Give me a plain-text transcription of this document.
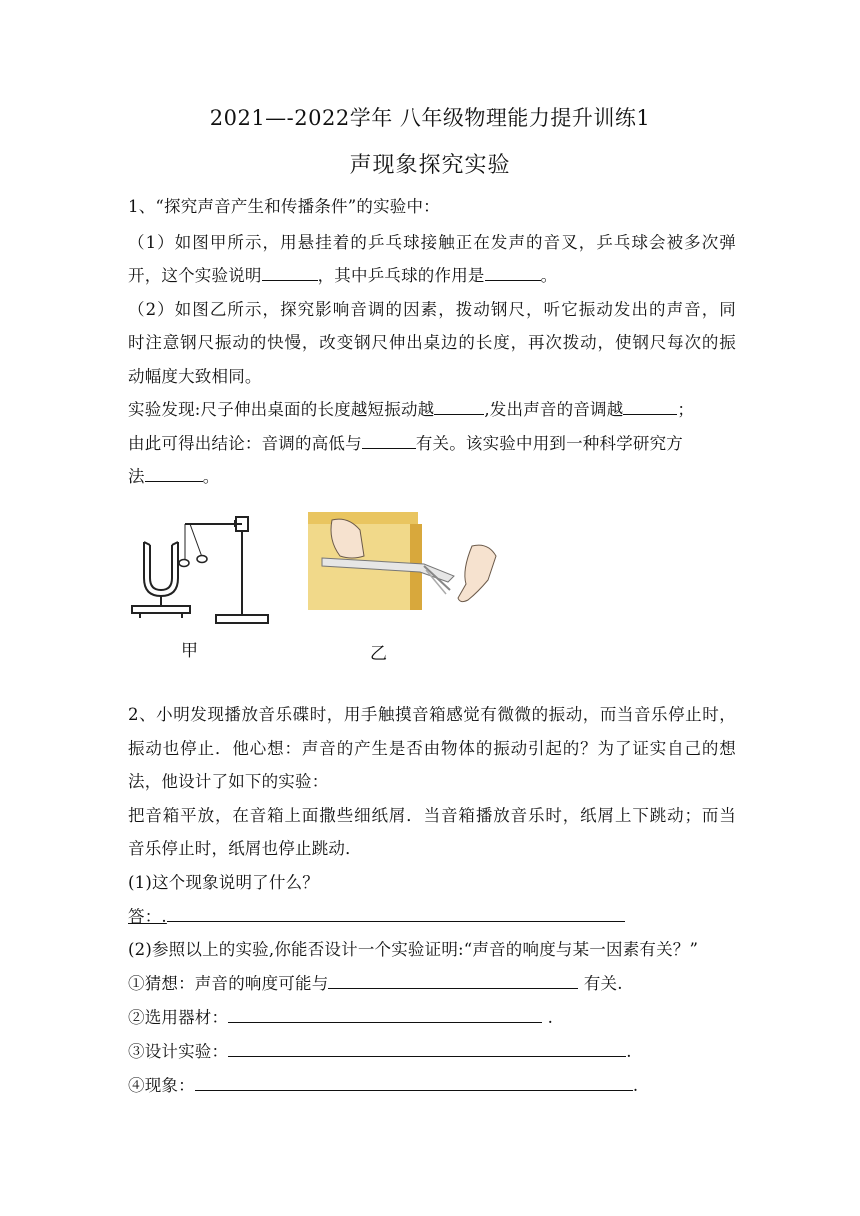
2021—-2022学年 八年级物理能力提升训练1
声现象探究实验
1、“探究声音产生和传播条件”的实验中：
（1）如图甲所示，用悬挂着的乒乓球接触正在发声的音叉，乒乓球会被多次弹
开，这个实验说明	，其中乒乓球的作用是	。
（2）如图乙所示，探究影响音调的因素，拨动钢尺，听它振动发出的声音，同
时注意钢尺振动的快慢，改变钢尺伸出桌边的长度，再次拨动，使钢尺每次的振
动幅度大致相同。
实验发现:尺子伸出桌面的长度越短振动越	,发出声音的音调越	；
由此可得出结论：音调的高低与	有关。该实验中用到一种科学研究方
法	。
甲	乙
2、小明发现播放音乐碟时，用手触摸音箱感觉有微微的振动，而当音乐停止时，
振动也停止．他心想：声音的产生是否由物体的振动引起的？为了证实自己的想
法，他设计了如下的实验：
把音箱平放，在音箱上面撒些细纸屑．当音箱播放音乐时，纸屑上下跳动；而当
音乐停止时，纸屑也停止跳动．
(1)这个现象说明了什么？
答：.
(2)参照以上的实验,你能否设计一个实验证明:“声音的响度与某一因素有关？”
①猜想：声音的响度可能与	有关.
②选用器材：	.
③设计实验：	.
④现象：	.
